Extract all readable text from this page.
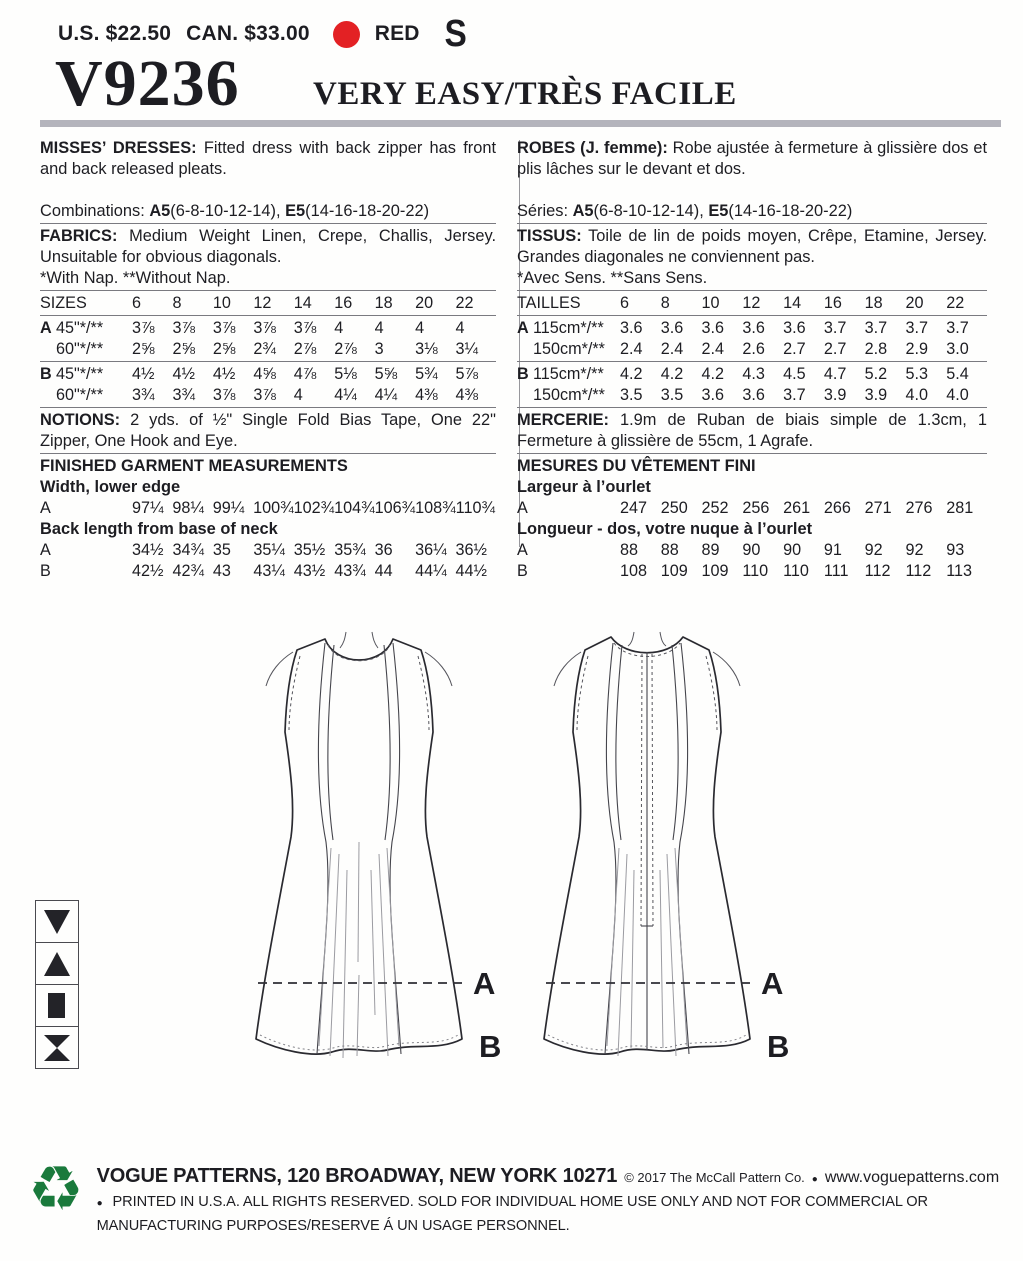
U.S. $22.50 CAN. $33.00	RED S
V9236 VERY EASY/TRÈS FACILE

MISSES’ DRESSES: Fitted dress with back zipper has front and back released pleats.

Combinations: A5(6-8-10-12-14), E5(14-16-18-20-22)

FABRICS: Medium Weight Linen, Crepe, Challis, Jersey. Unsuitable for obvious diagonals.

*With Nap. **Without Nap.

SIZES	6	8	10	12	14	16	18	20	22
A 45"*/**	3⅞	3⅞	3⅞	3⅞	3⅞	4	4	4	4
60"*/**	2⅝	2⅝	2⅝	2¾	2⅞	2⅞	3	3⅛	3¼
B 45"*/**	4½	4½	4½	4⅝	4⅞	5⅛	5⅝	5¾	5⅞
60"*/**	3¾	3¾	3⅞	3⅞	4	4¼	4¼	4⅜	4⅜

NOTIONS: 2 yds. of ½" Single Fold Bias Tape, One 22" Zipper, One Hook and Eye.

FINISHED GARMENT MEASUREMENTS
Width, lower edge
A	97¼ 98¼ 99¼ 100¾ 102¾ 104¾ 106¾ 108¾ 110¾
Back length from base of neck
A	34½ 34¾ 35	35¼ 35½ 35¾ 36	36¼ 36½
B	42½ 42¾ 43	43¼ 43½ 43¾ 44	44¼ 44½

ROBES (J. femme): Robe ajustée à fermeture à glissière dos et plis lâches sur le devant et dos.

Séries: A5(6-8-10-12-14), E5(14-16-18-20-22)

TISSUS: Toile de lin de poids moyen, Crêpe, Etamine, Jersey. Grandes diagonales ne conviennent pas.

*Avec Sens. **Sans Sens.

TAILLES	6	8	10	12	14	16	18	20	22
A 115cm*/**	3.6	3.6	3.6	3.6	3.6	3.7	3.7	3.7	3.7
150cm*/** 2.4	2.4	2.4	2.6	2.7	2.7	2.8	2.9	3.0
B 115cm*/**	4.2	4.2	4.2	4.3	4.5	4.7	5.2	5.3	5.4
150cm*/** 3.5	3.5	3.6	3.6	3.7	3.9	3.9	4.0	4.0

MERCERIE: 1.9m de Ruban de biais simple de 1.3cm, 1 Fermeture à glissière de 55cm, 1 Agrafe.

MESURES DU VÊTEMENT FINI
Largeur à l’ourlet
A	247 250 252 256 261 266 271 276 281
Longueur - dos, votre nuque à l’ourlet
A	88	88	89	90	90	91	92	92	93
B	108 109 109 110 110 111 112 112 113
A
B
A
B
♻ VOGUE PATTERNS, 120 BROADWAY, NEW YORK 10271 © 2017 The McCall Pattern Co. ● www.voguepatterns.com
● PRINTED IN U.S.A. ALL RIGHTS RESERVED. SOLD FOR INDIVIDUAL HOME USE ONLY AND NOT FOR COMMERCIAL OR MANUFACTURING PURPOSES/RESERVE Á UN USAGE PERSONNEL.
